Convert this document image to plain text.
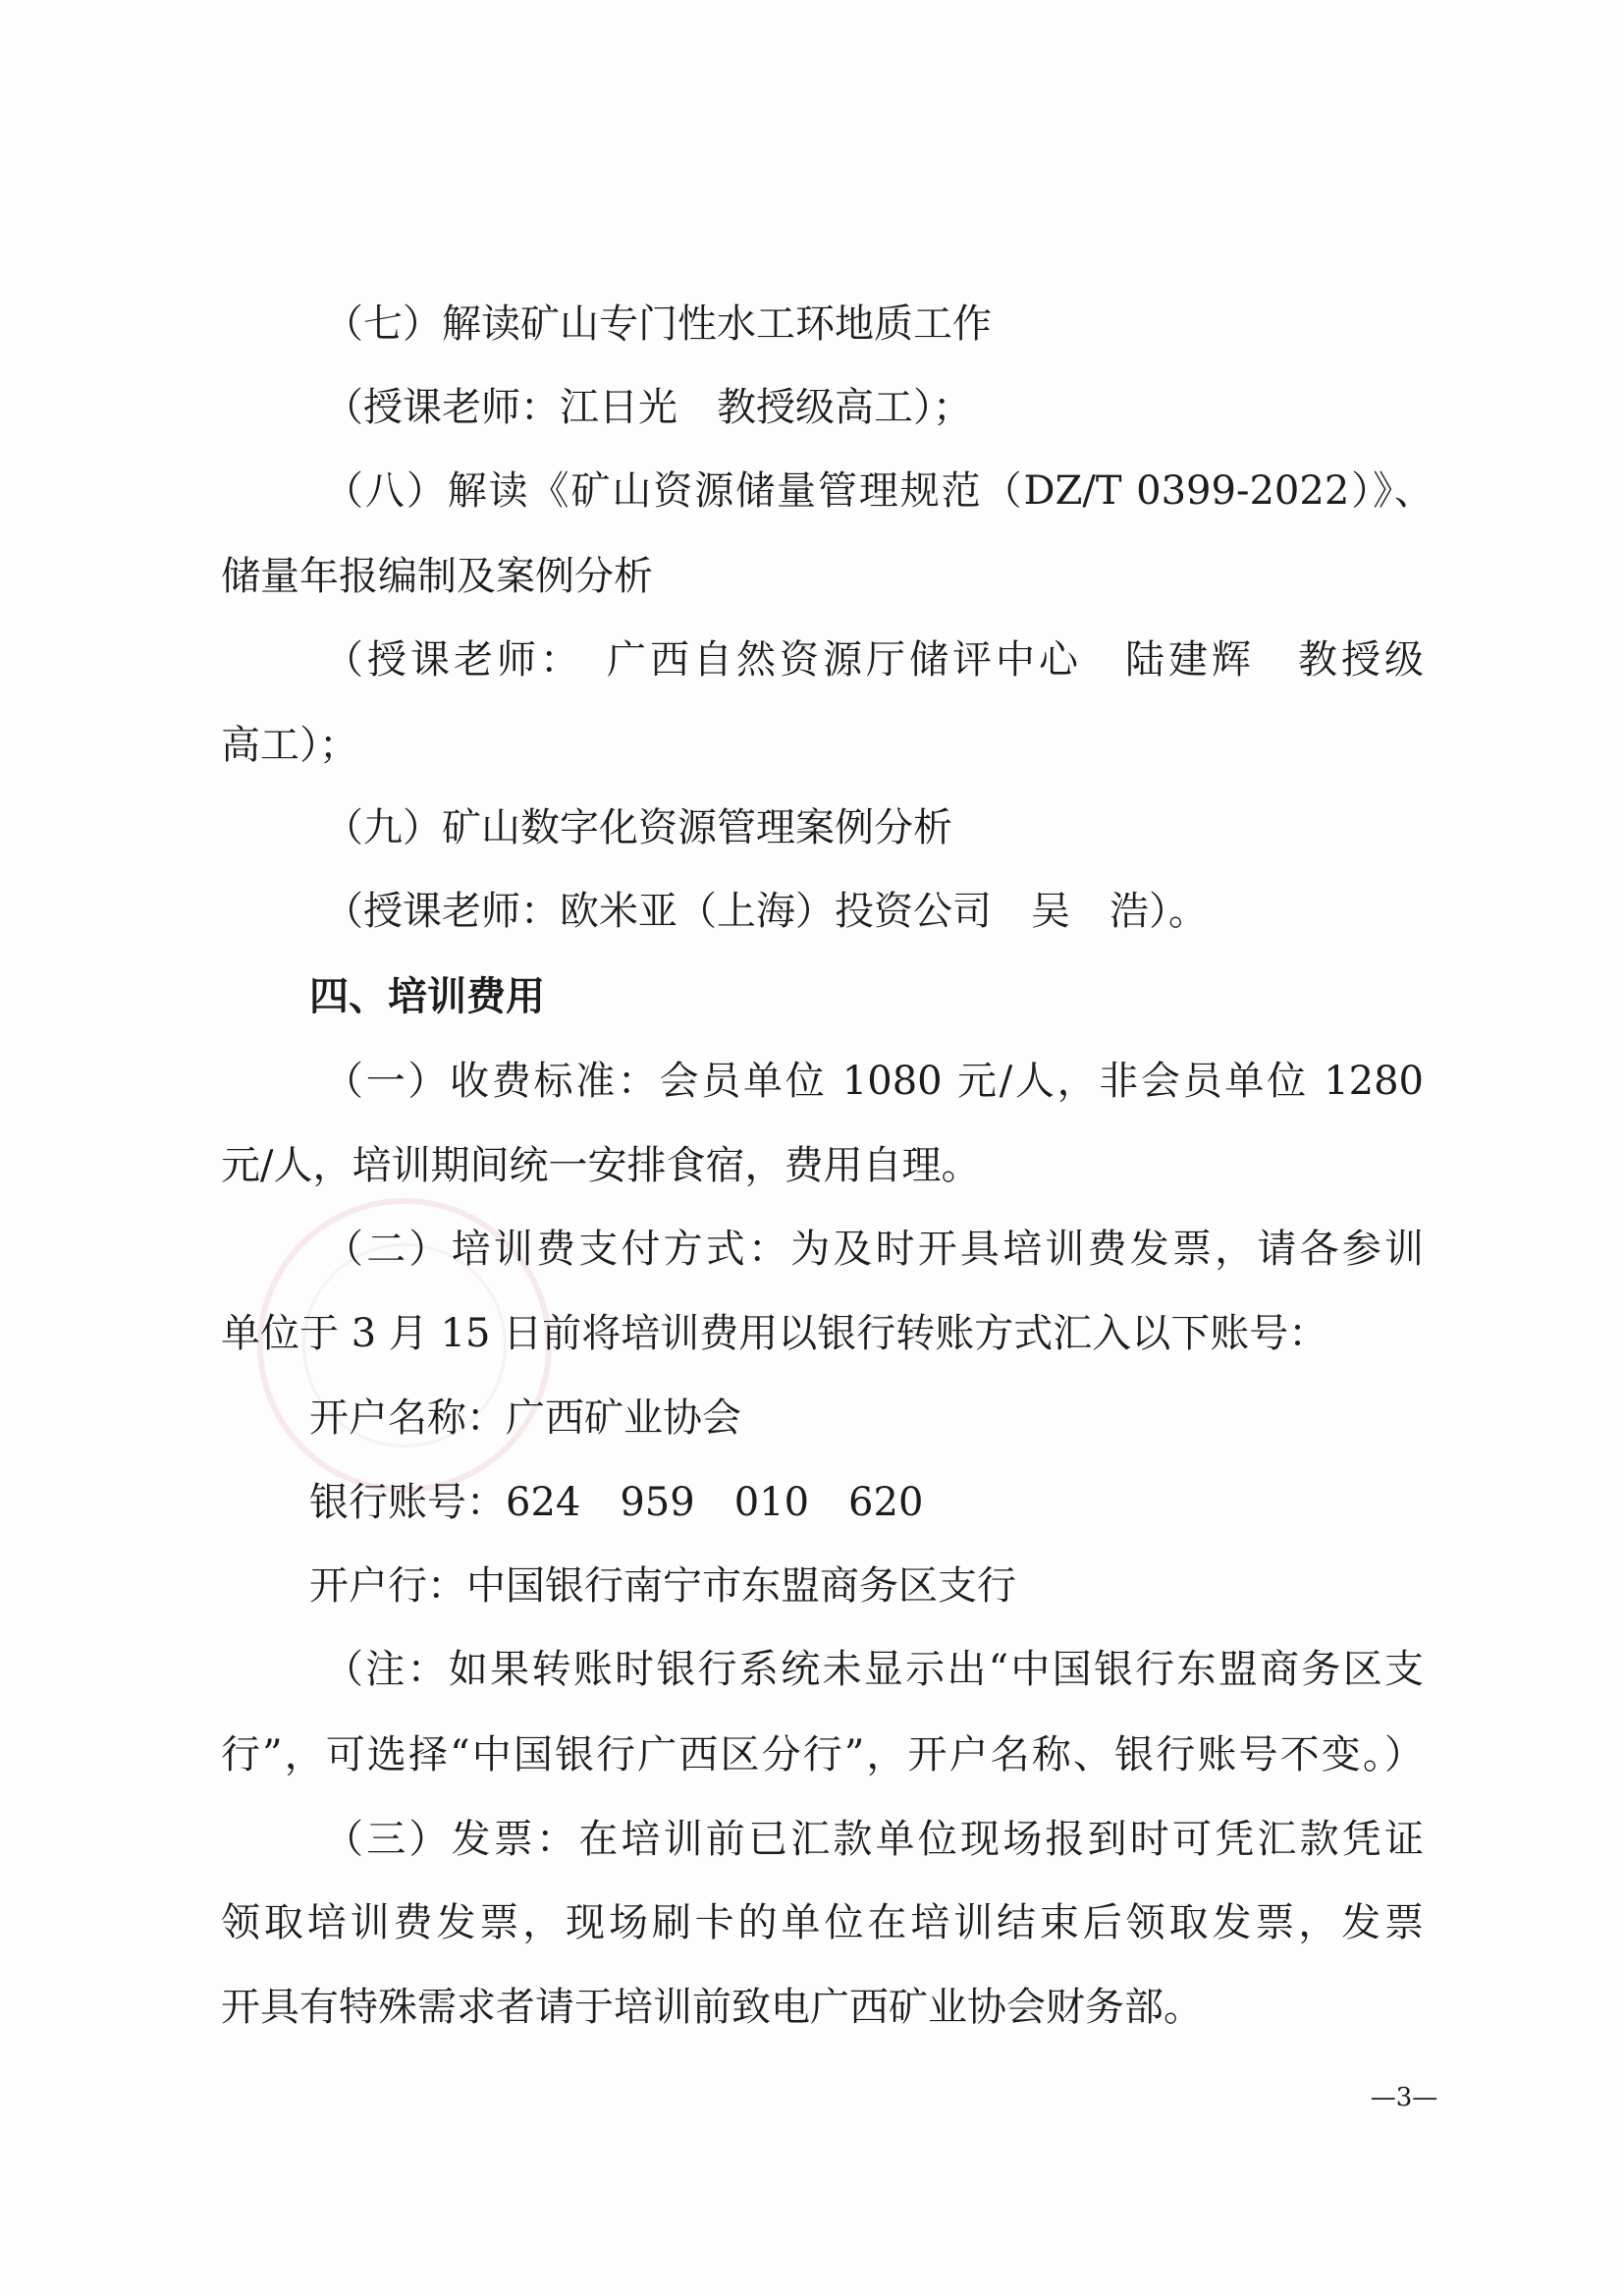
（七）解读矿山专门性水工环地质工作
（授课老师：江日光　教授级高工）；
（八）解读《矿山资源储量管理规范（DZ/T 0399-2022）》、
储量年报编制及案例分析
（授课老师：　广西自然资源厅储评中心　陆建辉　教授级
高工）；
（九）矿山数字化资源管理案例分析
（授课老师：欧米亚（上海）投资公司　吴　浩）。
四、培训费用
（一）收费标准：会员单位 1080 元/人，非会员单位 1280
元/人，培训期间统一安排食宿，费用自理。
（二）培训费支付方式：为及时开具培训费发票，请各参训
单位于 3 月 15 日前将培训费用以银行转账方式汇入以下账号：
开户名称：广西矿业协会
银行账号：624　959　010　620
开户行：中国银行南宁市东盟商务区支行
（注：如果转账时银行系统未显示出“中国银行东盟商务区支
行”，可选择“中国银行广西区分行”，开户名称、银行账号不变。）
（三）发票：在培训前已汇款单位现场报到时可凭汇款凭证
领取培训费发票，现场刷卡的单位在培训结束后领取发票，发票
开具有特殊需求者请于培训前致电广西矿业协会财务部。
—3—
